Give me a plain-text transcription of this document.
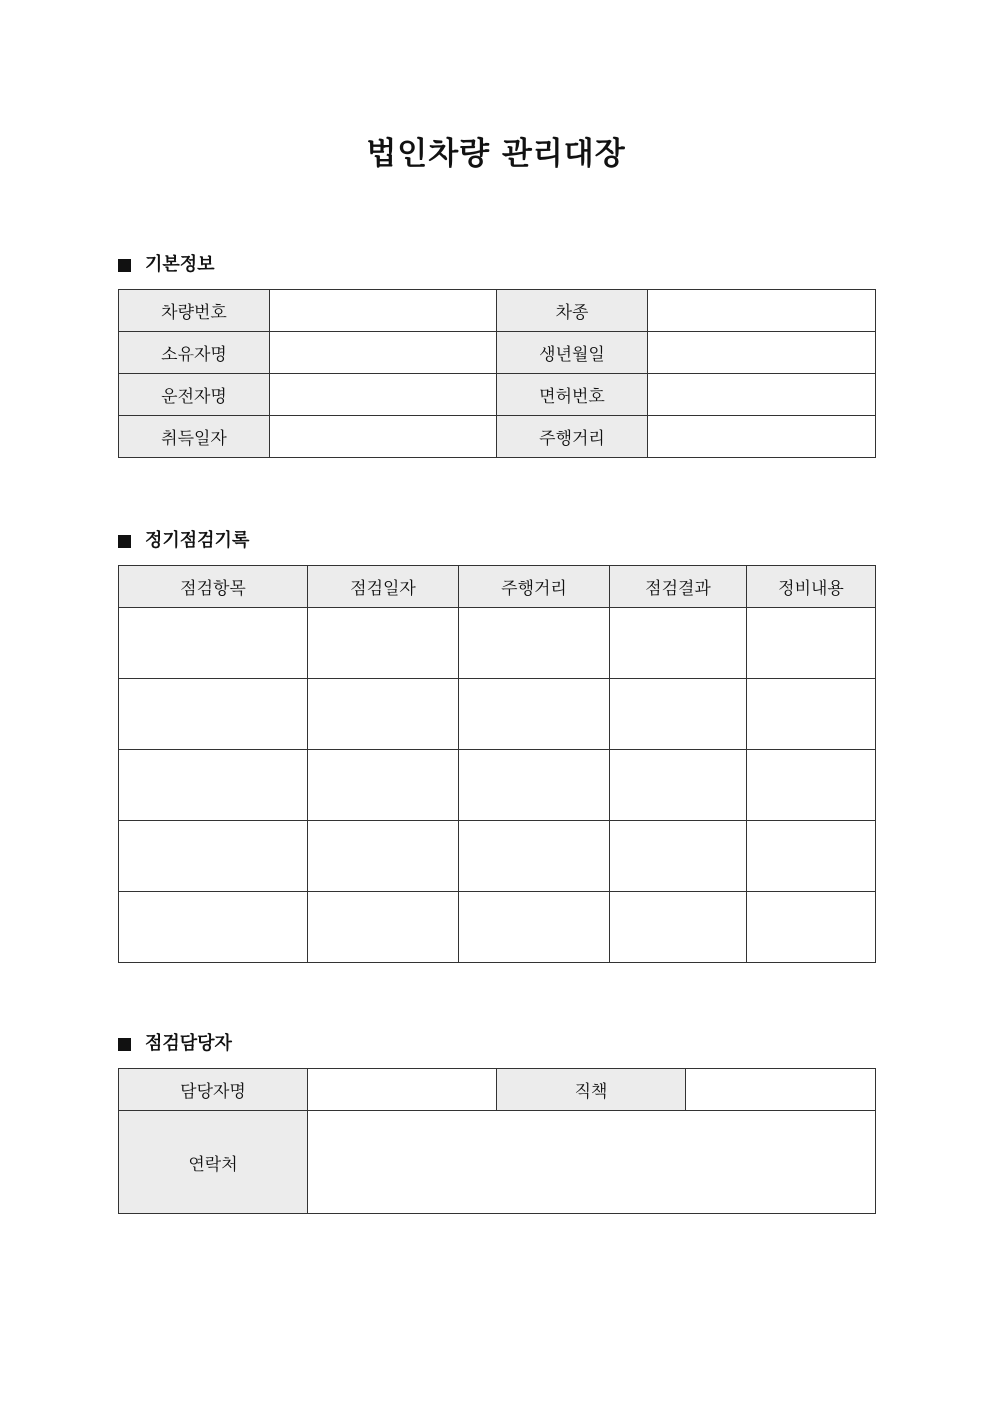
법인차량 관리대장
기본정보
차량번호		차종	
소유자명		생년월일	
운전자명		면허번호	
취득일자		주행거리	
정기점검기록
점검항목	점검일자	주행거리	점검결과	정비내용

점검담당자
담당자명		직책	
연락처			
